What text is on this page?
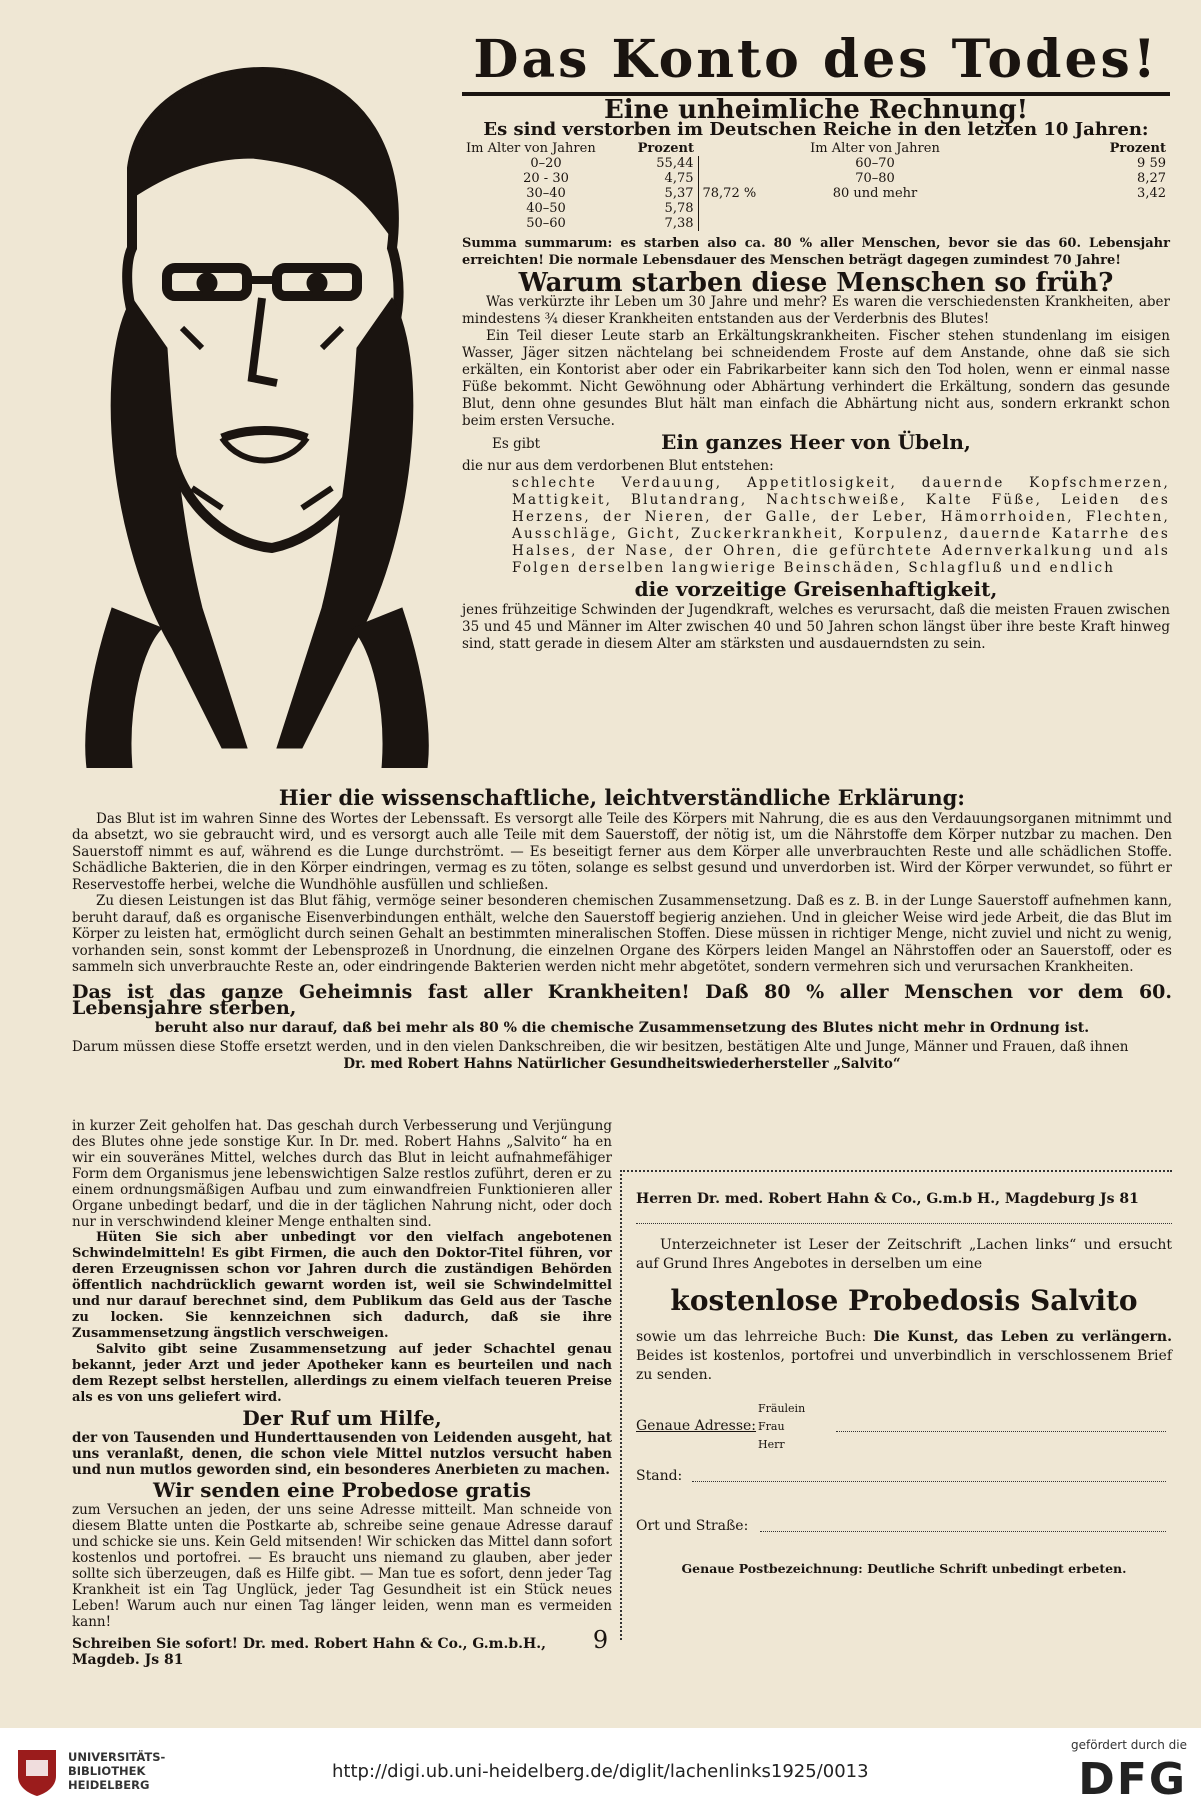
Das Konto des Todes!
Eine unheimliche Rechnung!
Es sind verstorben im Deutschen Reiche in den letzten 10 Jahren:
Im Alter von Jahren	Prozent		Im Alter von Jahren	Prozent
0–20	55,44	78,72 %	60–70	9 59
20 - 30	4,75		70–80	8,27
30–40	5,37		80 und mehr	3,42
40–50	5,78			
50–60	7,38			

Summa summarum: es starben also ca. 80 % aller Menschen, bevor sie das 60. Lebensjahr erreichten! Die normale Lebensdauer des Menschen beträgt dagegen zumindest 70 Jahre!

Warum starben diese Menschen so früh?

Was verkürzte ihr Leben um 30 Jahre und mehr? Es waren die verschiedensten Krankheiten, aber mindestens ¾ dieser Krankheiten entstanden aus der Verderbnis des Blutes!

Ein Teil dieser Leute starb an Erkältungskrankheiten. Fischer stehen stundenlang im eisigen Wasser, Jäger sitzen nächtelang bei schneidendem Froste auf dem Anstande, ohne daß sie sich erkälten, ein Kontorist aber oder ein Fabrikarbeiter kann sich den Tod holen, wenn er einmal nasse Füße bekommt. Nicht Gewöhnung oder Abhärtung verhindert die Erkältung, sondern das gesunde Blut, denn ohne gesundes Blut hält man einfach die Abhärtung nicht aus, sondern erkrankt schon beim ersten Versuche.

Es gibt	Ein ganzes Heer von Übeln,

die nur aus dem verdorbenen Blut entstehen:

schlechte Verdauung, Appetitlosigkeit, dauernde Kopfschmerzen, Mattigkeit, Blutandrang, Nachtschweiße, Kalte Füße, Leiden des Herzens, der Nieren, der Galle, der Leber, Hämorrhoiden, Flechten, Ausschläge, Gicht, Zuckerkrankheit, Korpulenz, dauernde Katarrhe des Halses, der Nase, der Ohren, die gefürchtete Adernverkalkung und als Folgen derselben langwierige Beinschäden, Schlagfluß und endlich

die vorzeitige Greisenhaftigkeit,

jenes frühzeitige Schwinden der Jugendkraft, welches es verursacht, daß die meisten Frauen zwischen 35 und 45 und Männer im Alter zwischen 40 und 50 Jahren schon längst über ihre beste Kraft hinweg sind, statt gerade in diesem Alter am stärksten und ausdauerndsten zu sein.

Hier die wissenschaftliche, leichtverständliche Erklärung:

Das Blut ist im wahren Sinne des Wortes der Lebenssaft. Es versorgt alle Teile des Körpers mit Nahrung, die es aus den Verdauungsorganen mitnimmt und da absetzt, wo sie gebraucht wird, und es versorgt auch alle Teile mit dem Sauerstoff, der nötig ist, um die Nährstoffe dem Körper nutzbar zu machen. Den Sauerstoff nimmt es auf, während es die Lunge durchströmt. — Es beseitigt ferner aus dem Körper alle unverbrauchten Reste und alle schädlichen Stoffe. Schädliche Bakterien, die in den Körper eindringen, vermag es zu töten, solange es selbst gesund und unverdorben ist. Wird der Körper verwundet, so führt er Reservestoffe herbei, welche die Wundhöhle ausfüllen und schließen.

Zu diesen Leistungen ist das Blut fähig, vermöge seiner besonderen chemischen Zusammensetzung. Daß es z. B. in der Lunge Sauerstoff aufnehmen kann, beruht darauf, daß es organische Eisenverbindungen enthält, welche den Sauerstoff begierig anziehen. Und in gleicher Weise wird jede Arbeit, die das Blut im Körper zu leisten hat, ermöglicht durch seinen Gehalt an bestimmten mineralischen Stoffen. Diese müssen in richtiger Menge, nicht zuviel und nicht zu wenig, vorhanden sein, sonst kommt der Lebensprozeß in Unordnung, die einzelnen Organe des Körpers leiden Mangel an Nährstoffen oder an Sauerstoff, oder es sammeln sich unverbrauchte Reste an, oder eindringende Bakterien werden nicht mehr abgetötet, sondern vermehren sich und verursachen Krankheiten.

Das ist das ganze Geheimnis fast aller Krankheiten! Daß 80 % aller Menschen vor dem 60. Lebensjahre sterben,
beruht also nur darauf, daß bei mehr als 80 % die chemische Zusammensetzung des Blutes nicht mehr in Ordnung ist.

Darum müssen diese Stoffe ersetzt werden, und in den vielen Dankschreiben, die wir besitzen, bestätigen Alte und Junge, Männer und Frauen, daß ihnen

Dr. med Robert Hahns Natürlicher Gesundheitswiederhersteller „Salvito“

in kurzer Zeit geholfen hat. Das geschah durch Verbesserung und Verjüngung des Blutes ohne jede sonstige Kur. In Dr. med. Robert Hahns „Salvito“ ha en wir ein souveränes Mittel, welches durch das Blut in leicht aufnahmefähiger Form dem Organismus jene lebenswichtigen Salze restlos zuführt, deren er zu einem ordnungsmäßigen Aufbau und zum einwandfreien Funktionieren aller Organe unbedingt bedarf, und die in der täglichen Nahrung nicht, oder doch nur in verschwindend kleiner Menge enthalten sind.

Hüten Sie sich aber unbedingt vor den vielfach angebotenen Schwindelmitteln! Es gibt Firmen, die auch den Doktor-Titel führen, vor deren Erzeugnissen schon vor Jahren durch die zuständigen Behörden öffentlich nachdrücklich gewarnt worden ist, weil sie Schwindelmittel und nur darauf berechnet sind, dem Publikum das Geld aus der Tasche zu locken. Sie kennzeichnen sich dadurch, daß sie ihre Zusammensetzung ängstlich verschweigen.

Salvito gibt seine Zusammensetzung auf jeder Schachtel genau bekannt, jeder Arzt und jeder Apotheker kann es beurteilen und nach dem Rezept selbst herstellen, allerdings zu einem vielfach teueren Preise als es von uns geliefert wird.

Der Ruf um Hilfe,

der von Tausenden und Hunderttausenden von Leidenden ausgeht, hat uns veranlaßt, denen, die schon viele Mittel nutzlos versucht haben und nun mutlos geworden sind, ein besonderes Anerbieten zu machen.

Wir senden eine Probedose gratis

zum Versuchen an jeden, der uns seine Adresse mitteilt. Man schneide von diesem Blatte unten die Postkarte ab, schreibe seine genaue Adresse darauf und schicke sie uns. Kein Geld mitsenden! Wir schicken das Mittel dann sofort kostenlos und portofrei. — Es braucht uns niemand zu glauben, aber jeder sollte sich überzeugen, daß es Hilfe gibt. — Man tue es sofort, denn jeder Tag Krankheit ist ein Tag Unglück, jeder Tag Gesundheit ist ein Stück neues Leben! Warum auch nur einen Tag länger leiden, wenn man es vermeiden kann!

Schreiben Sie sofort! Dr. med. Robert Hahn & Co., G.m.b.H., Magdeb. Js 81
Herren Dr. med. Robert Hahn & Co., G.m.b H., Magdeburg Js 81

Unterzeichneter ist Leser der Zeitschrift „Lachen links“ und ersucht auf Grund Ihres Angebotes in derselben um eine

kostenlose Probedosis Salvito

sowie um das lehrreiche Buch: Die Kunst, das Leben zu verlängern. Beides ist kostenlos, portofrei und unverbindlich in verschlossenem Brief zu senden.

Genaue Adresse:
Fräulein
Frau
Herr
Stand:
Ort und Straße:
Genaue Postbezeichnung: Deutliche Schrift unbedingt erbeten.
9
UNIVERSITÄTS-
BIBLIOTHEK
HEIDELBERG
http://digi.ub.uni-heidelberg.de/diglit/lachenlinks1925/0013
gefördert durch die
DFG
